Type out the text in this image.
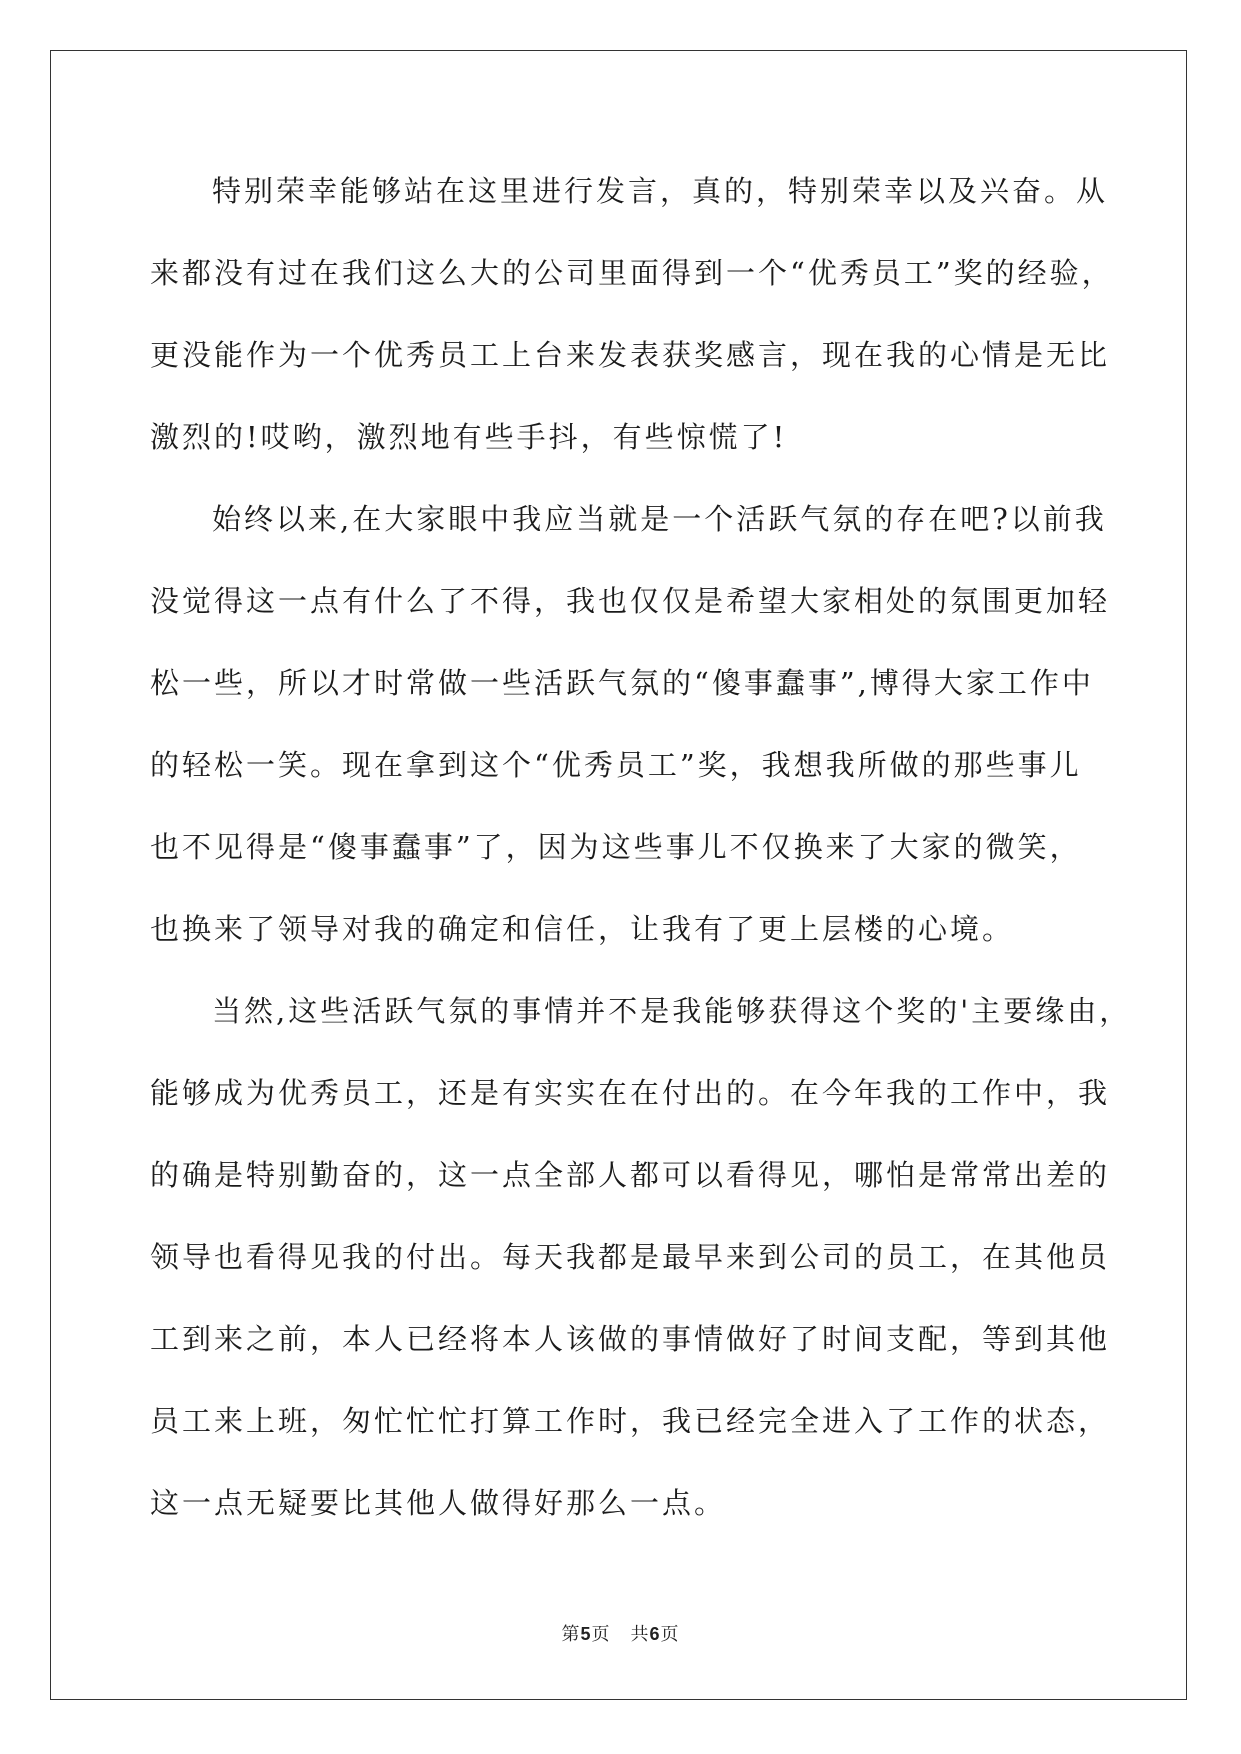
特别荣幸能够站在这里进行发言，真的，特别荣幸以及兴奋。从
来都没有过在我们这么大的公司里面得到一个“优秀员工”奖的经验，
更没能作为一个优秀员工上台来发表获奖感言，现在我的心情是无比
激烈的!哎哟，激烈地有些手抖，有些惊慌了!
始终以来,在大家眼中我应当就是一个活跃气氛的存在吧?以前我
没觉得这一点有什么了不得，我也仅仅是希望大家相处的氛围更加轻
松一些，所以才时常做一些活跃气氛的“傻事蠢事”,博得大家工作中
的轻松一笑。现在拿到这个“优秀员工”奖，我想我所做的那些事儿
也不见得是“傻事蠢事”了，因为这些事儿不仅换来了大家的微笑，
也换来了领导对我的确定和信任，让我有了更上层楼的心境。
当然,这些活跃气氛的事情并不是我能够获得这个奖的'主要缘由，
能够成为优秀员工，还是有实实在在付出的。在今年我的工作中，我
的确是特别勤奋的，这一点全部人都可以看得见，哪怕是常常出差的
领导也看得见我的付出。每天我都是最早来到公司的员工，在其他员
工到来之前，本人已经将本人该做的事情做好了时间支配，等到其他
员工来上班，匆忙忙忙打算工作时，我已经完全进入了工作的状态，
这一点无疑要比其他人做得好那么一点。
第5页 共6页
